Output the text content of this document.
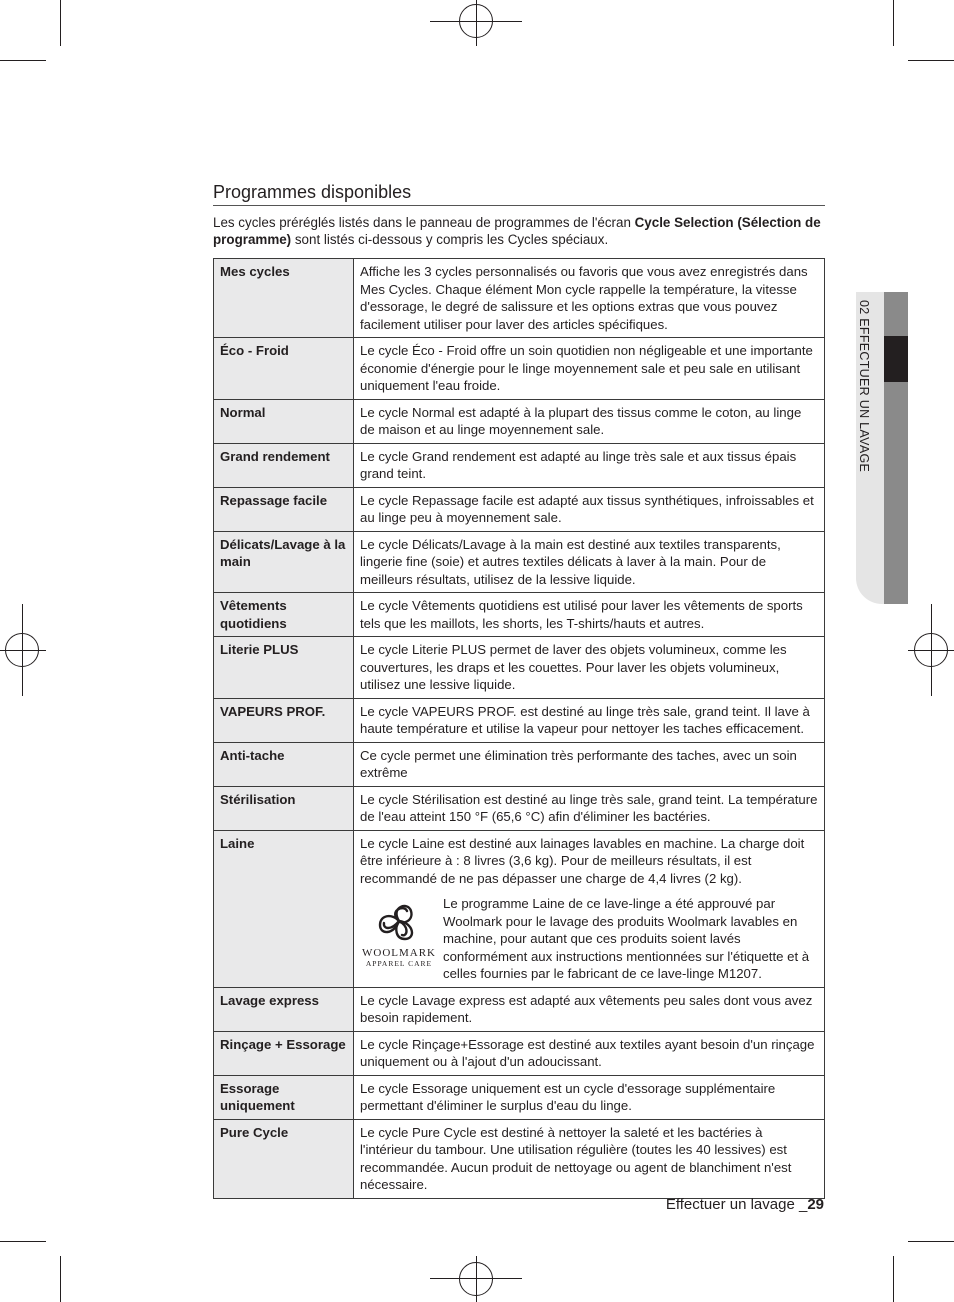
02 EFFECTUER UN LAVAGE
Programmes disponibles
Les cycles préréglés listés dans le panneau de programmes de l'écran Cycle Selection (Sélection de programme) sont listés ci-dessous y compris les Cycles spéciaux.
Mes cycles	Affiche les 3 cycles personnalisés ou favoris que vous avez enregistrés dans Mes Cycles. Chaque élément Mon cycle rappelle la température, la vitesse d'essorage, le degré de salissure et les options extras que vous pouvez facilement utiliser pour laver des articles spécifiques.
Éco - Froid	Le cycle Éco - Froid offre un soin quotidien non négligeable et une importante économie d'énergie pour le linge moyennement sale et peu sale en utilisant uniquement l'eau froide.
Normal	Le cycle Normal est adapté à la plupart des tissus comme le coton, au linge de maison et au linge moyennement sale.
Grand rendement	Le cycle Grand rendement est adapté au linge très sale et aux tissus épais grand teint.
Repassage facile	Le cycle Repassage facile est adapté aux tissus synthétiques, infroissables et au linge peu à moyennement sale.
Délicats/Lavage à la main	Le cycle Délicats/Lavage à la main est destiné aux textiles transparents, lingerie fine (soie) et autres textiles délicats à laver à la main. Pour de meilleurs résultats, utilisez de la lessive liquide.
Vêtements quotidiens	Le cycle Vêtements quotidiens est utilisé pour laver les vêtements de sports tels que les maillots, les shorts, les T-shirts/hauts et autres.
Literie PLUS	Le cycle Literie PLUS permet de laver des objets volumineux, comme les couvertures, les draps et les couettes. Pour laver les objets volumineux, utilisez une lessive liquide.
VAPEURS PROF.	Le cycle VAPEURS PROF. est destiné au linge très sale, grand teint. Il lave à haute température et utilise la vapeur pour nettoyer les taches efficacement.
Anti-tache	Ce cycle permet une élimination très performante des taches, avec un soin extrême
Stérilisation	Le cycle Stérilisation est destiné au linge très sale, grand teint. La température de l'eau atteint 150 °F (65,6 °C) afin d'éliminer les bactéries.
Laine	Le cycle Laine est destiné aux lainages lavables en machine. La charge doit être inférieure à : 8 livres (3,6 kg). Pour de meilleurs résultats, il est recommandé de ne pas dépasser une charge de 4,4 livres (2 kg).
WOOLMARK
APPAREL CARE
Le programme Laine de ce lave-linge a été approuvé par Woolmark pour le lavage des produits Woolmark lavables en machine, pour autant que ces produits soient lavés conformément aux instructions mentionnées sur l'étiquette et à celles fournies par le fabricant de ce lave-linge M1207.

Lavage express	Le cycle Lavage express est adapté aux vêtements peu sales dont vous avez besoin rapidement.
Rinçage + Essorage	Le cycle Rinçage+Essorage est destiné aux textiles ayant besoin d'un rinçage uniquement ou à l'ajout d'un adoucissant.
Essorage uniquement	Le cycle Essorage uniquement est un cycle d'essorage supplémentaire permettant d'éliminer le surplus d'eau du linge.
Pure Cycle	Le cycle Pure Cycle est destiné à nettoyer la saleté et les bactéries à l'intérieur du tambour. Une utilisation régulière (toutes les 40 lessives) est recommandée. Aucun produit de nettoyage ou agent de blanchiment n'est nécessaire.
Effectuer un lavage _29
